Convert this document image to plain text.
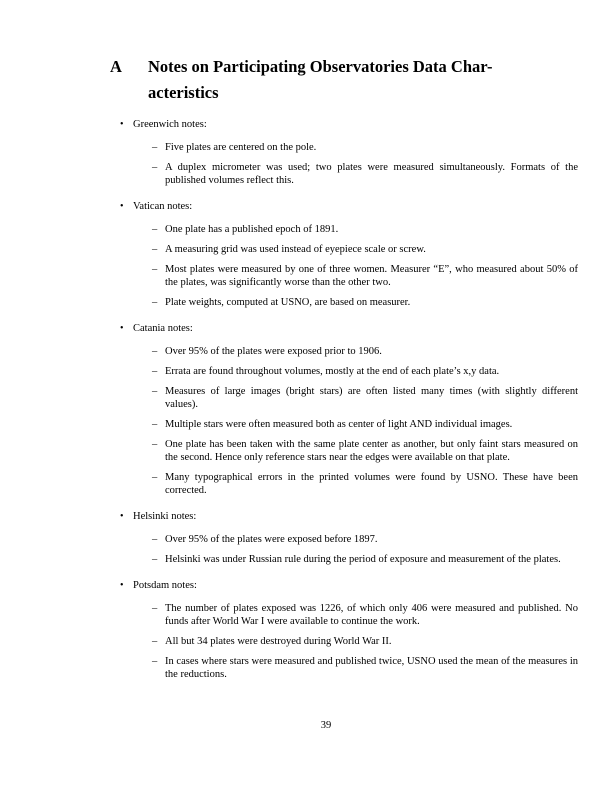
A	Notes on Participating Observatories Data Char-
acteristics
• Greenwich notes:
– Five plates are centered on the pole.
– A duplex micrometer was used; two plates were measured simultaneously. Formats of the published volumes reflect this.
• Vatican notes:
– One plate has a published epoch of 1891.
– A measuring grid was used instead of eyepiece scale or screw.
– Most plates were measured by one of three women. Measurer “E”, who measured about 50% of the plates, was significantly worse than the other two.
– Plate weights, computed at USNO, are based on measurer.
• Catania notes:
– Over 95% of the plates were exposed prior to 1906.
– Errata are found throughout volumes, mostly at the end of each plate’s x,y data.
– Measures of large images (bright stars) are often listed many times (with slightly different values).
– Multiple stars were often measured both as center of light AND individual images.
– One plate has been taken with the same plate center as another, but only faint stars measured on the second. Hence only reference stars near the edges were available on that plate.
– Many typographical errors in the printed volumes were found by USNO. These have been corrected.
• Helsinki notes:
– Over 95% of the plates were exposed before 1897.
– Helsinki was under Russian rule during the period of exposure and measurement of the plates.
• Potsdam notes:
– The number of plates exposed was 1226, of which only 406 were measured and published. No funds after World War I were available to continue the work.
– All but 34 plates were destroyed during World War II.
– In cases where stars were measured and published twice, USNO used the mean of the measures in the reductions.
39
